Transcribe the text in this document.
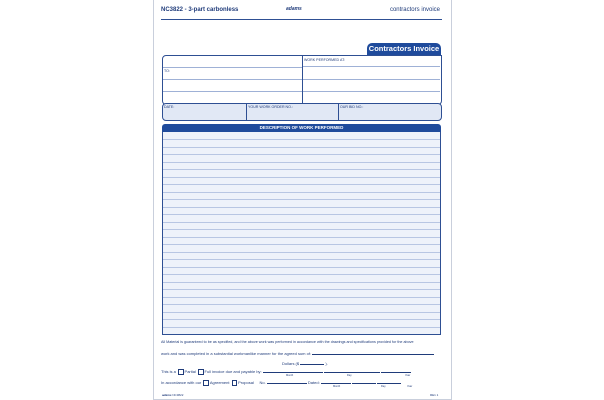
NC3822 - 3-part carbonless	adams	contractors invoice
Contractors Invoice
TO:
WORK PERFORMED AT:
DATE:	YOUR WORK ORDER NO.:	OUR BID NO.:
DESCRIPTION OF WORK PERFORMED
All Material is guaranteed to be as specified, and the above work was performed in accordance with the drawings and specifications provided for the above
work and was completed in a substantial workmanlike manner for the agreed sum of:
Dollars ($	).
This is a Partial Full invoice due and payable by:
Month	Day	Year
In accordance with our Agreement Proposal No.	Dated:
Month	Day	Year
adams NC3822	RE1 1
